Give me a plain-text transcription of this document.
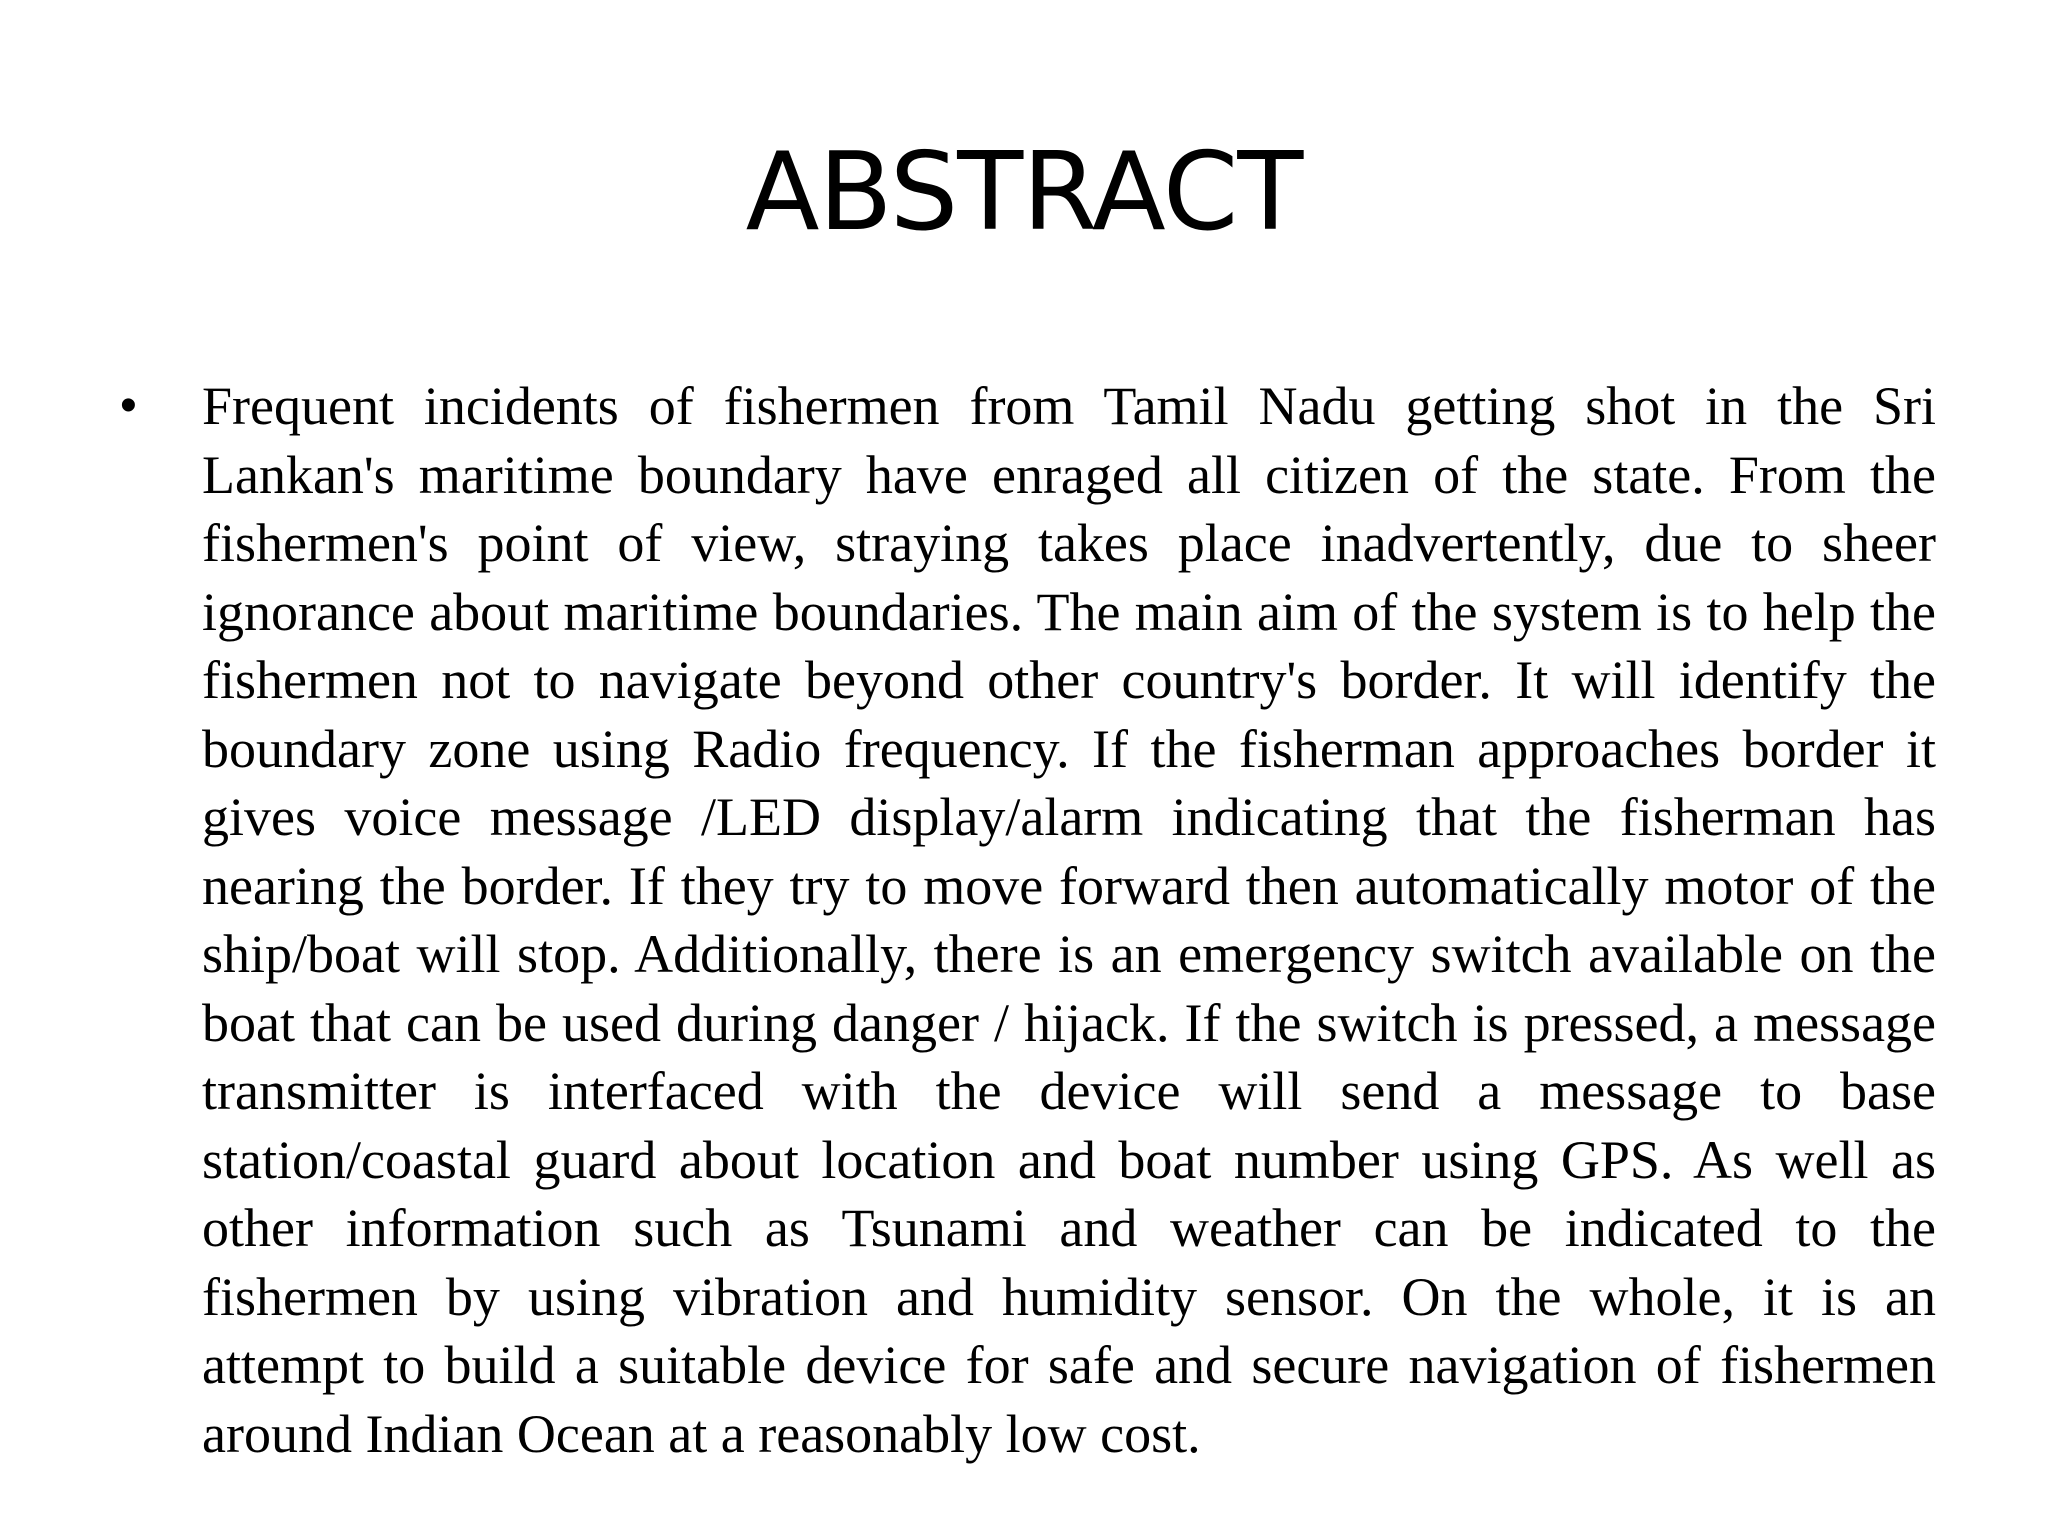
ABSTRACT
• Frequent incidents of fishermen from Tamil Nadu getting shot in the Sri Lankan's maritime boundary have enraged all citizen of the state. From the fishermen's point of view, straying takes place inadvertently, due to sheer ignorance about maritime boundaries. The main aim of the system is to help the fishermen not to navigate beyond other country's border. It will identify the boundary zone using Radio frequency. If the fisherman approaches border it gives voice message /LED display/alarm indicating that the fisherman has nearing the border. If they try to move forward then automatically motor of the ship/boat will stop. Additionally, there is an emergency switch available on the boat that can be used during danger / hijack. If the switch is pressed, a message transmitter is interfaced with the device will send a message to base station/coastal guard about location and boat number using GPS. As well as other information such as Tsunami and weather can be indicated to the fishermen by using vibration and humidity sensor. On the whole, it is an attempt to build a suitable device for safe and secure navigation of fishermen around Indian Ocean at a reasonably low cost.
